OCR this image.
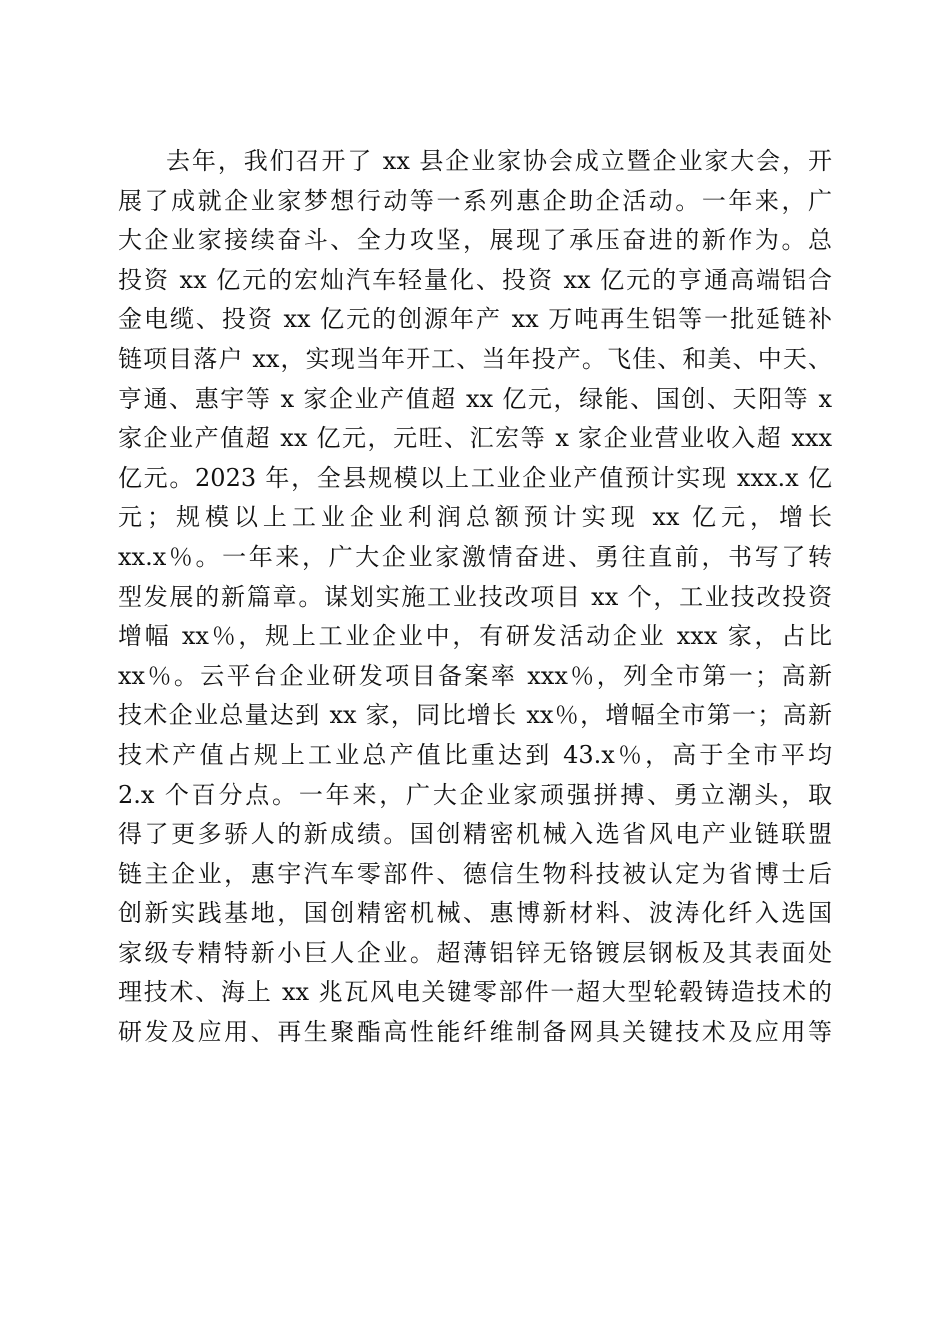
去年，我们召开了 xx 县企业家协会成立暨企业家大会，开
展了成就企业家梦想行动等一系列惠企助企活动。一年来，广
大企业家接续奋斗、全力攻坚，展现了承压奋进的新作为。总
投资 xx 亿元的宏灿汽车轻量化、投资 xx 亿元的亨通高端铝合
金电缆、投资 xx 亿元的创源年产 xx 万吨再生铝等一批延链补
链项目落户 xx，实现当年开工、当年投产。飞佳、和美、中天、
亨通、惠宇等 x 家企业产值超 xx 亿元，绿能、国创、天阳等 x
家企业产值超 xx 亿元，元旺、汇宏等 x 家企业营业收入超 xxx
亿元。2023 年，全县规模以上工业企业产值预计实现 xxx.x 亿
元；规模以上工业企业利润总额预计实现 xx 亿元，增长
xx.x％。一年来，广大企业家激情奋进、勇往直前，书写了转
型发展的新篇章。谋划实施工业技改项目 xx 个，工业技改投资
增幅 xx％，规上工业企业中，有研发活动企业 xxx 家，占比
xx％。云平台企业研发项目备案率 xxx％，列全市第一；高新
技术企业总量达到 xx 家，同比增长 xx％，增幅全市第一；高新
技术产值占规上工业总产值比重达到 43.x％，高于全市平均
2.x 个百分点。一年来，广大企业家顽强拼搏、勇立潮头，取
得了更多骄人的新成绩。国创精密机械入选省风电产业链联盟
链主企业，惠宇汽车零部件、德信生物科技被认定为省博士后
创新实践基地，国创精密机械、惠博新材料、波涛化纤入选国
家级专精特新小巨人企业。超薄铝锌无铬镀层钢板及其表面处
理技术、海上 xx 兆瓦风电关键零部件一超大型轮毂铸造技术的
研发及应用、再生聚酯高性能纤维制备网具关键技术及应用等
